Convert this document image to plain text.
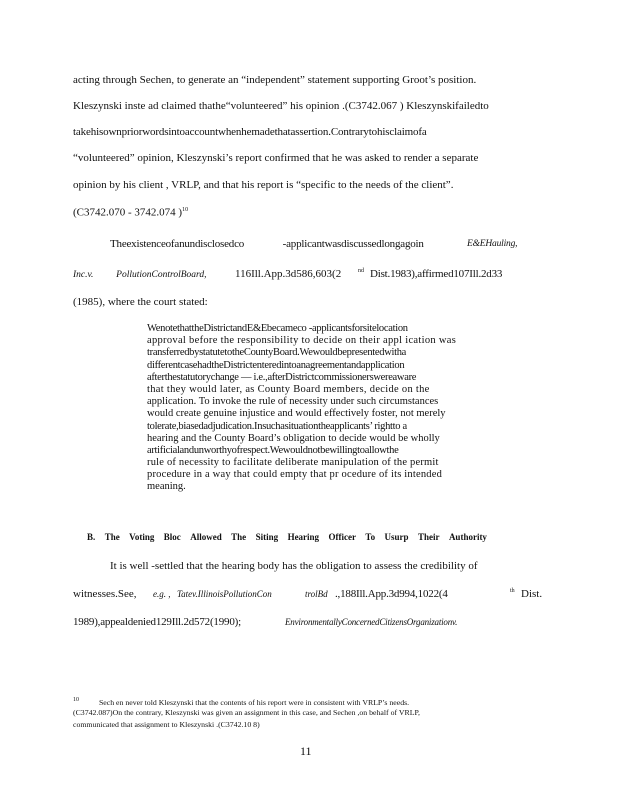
acting through Sechen, to generate an “independent” statement supporting Groot’s position.
Kleszynski inste ad claimed thathe“volunteered” his opinion .(C3742.067 ) Kleszynskifailedto
takehisownpriorwordsintoaccountwhenhemadethatassertion.Contrarytohisclaimofa
“volunteered” opinion, Kleszynski’s report confirmed that he was asked to render a separate
opinion by his client , VRLP, and that his report is “specific to the needs of the client”.
(C3742.070 - 3742.074 )$^{10}$
Theexistenceofanundisclosedco	-applicantwasdiscussedlongagoin	E&EHauling,
Inc.v. PollutionControlBoard,	116Ill.App.3d586,603(2	nd Dist.1983),affirmed107Ill.2d33
(1985), where the court stated:
WenotethattheDistrictandE&Ebecameco -applicantsforsitelocation
approval before the responsibility to decide on their appl ication was
transferredbystatutetotheCountyBoard.Wewouldbepresentedwitha
differentcasehadtheDistrictenteredintoanagreementandapplication
afterthestatutorychange — i.e.,afterDistrictcommissionerswereaware
that they would later, as County Board members, decide on the
application. To invoke the rule of necessity under such circumstances
would create genuine injustice and would effectively foster, not merely
tolerate,biasedadjudication.Insuchasituationtheapplicants’ rightto a
hearing and the County Board’s obligation to decide would be wholly
artificialandunworthyofrespect.Wewouldnotbewillingtoallowthe
rule of necessity to facilitate deliberate manipulation of the permit
procedure in a way that could empty that pr ocedure of its intended
meaning.
B. The Voting Bloc Allowed The Siting Hearing Officer To Usurp Their Authority
It is well -settled that the hearing body has the obligation to assess the credibility of
witnesses.See, e.g. , Tatev.IllinoisPollutionCon	trolBd .,188Ill.App.3d994,1022(4	th Dist.
1989),appealdenied129Ill.2d572(1990);	EnvironmentallyConcernedCitizensOrganizationv.
$^{10}$	Sech en never told Kleszynski that the contents of his report were in consistent with VRLP’s needs.
(C3742.087)On the contrary, Kleszynski was given an assignment in this case, and Sechen ,on behalf of VRLP,
communicated that assignment to Kleszynski .(C3742.10 8)
11
